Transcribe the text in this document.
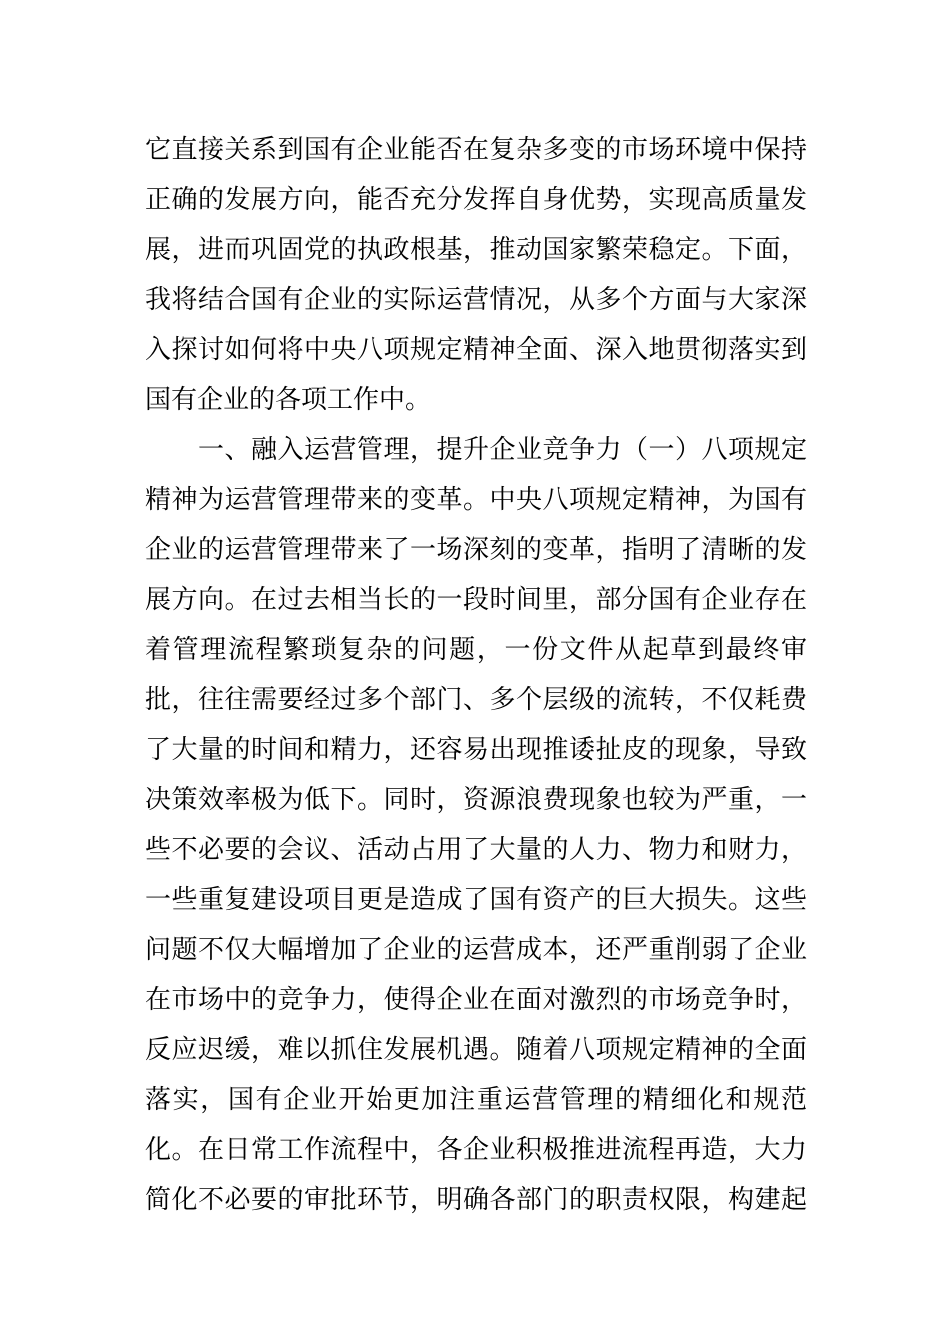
它直接关系到国有企业能否在复杂多变的市场环境中保持
正确的发展方向，能否充分发挥自身优势，实现高质量发
展，进而巩固党的执政根基，推动国家繁荣稳定。下面，
我将结合国有企业的实际运营情况，从多个方面与大家深
入探讨如何将中央八项规定精神全面、深入地贯彻落实到
国有企业的各项工作中。
　　一、融入运营管理，提升企业竞争力（一）八项规定
精神为运营管理带来的变革。中央八项规定精神，为国有
企业的运营管理带来了一场深刻的变革，指明了清晰的发
展方向。在过去相当长的一段时间里，部分国有企业存在
着管理流程繁琐复杂的问题，一份文件从起草到最终审
批，往往需要经过多个部门、多个层级的流转，不仅耗费
了大量的时间和精力，还容易出现推诿扯皮的现象，导致
决策效率极为低下。同时，资源浪费现象也较为严重，一
些不必要的会议、活动占用了大量的人力、物力和财力，
一些重复建设项目更是造成了国有资产的巨大损失。这些
问题不仅大幅增加了企业的运营成本，还严重削弱了企业
在市场中的竞争力，使得企业在面对激烈的市场竞争时，
反应迟缓，难以抓住发展机遇。随着八项规定精神的全面
落实，国有企业开始更加注重运营管理的精细化和规范
化。在日常工作流程中，各企业积极推进流程再造，大力
简化不必要的审批环节，明确各部门的职责权限，构建起
